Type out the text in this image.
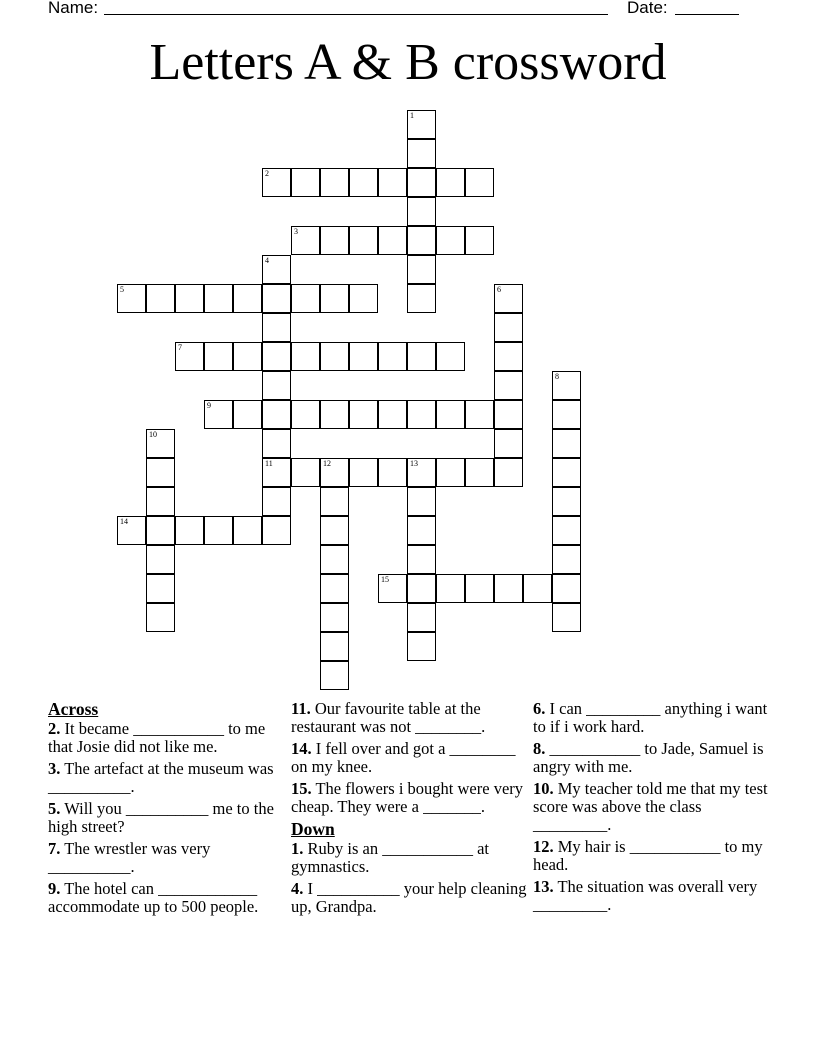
Name:	Date:
Letters A & B crossword
1
2
3
4
11
5	6
7
8
9
10
12	13
14
15
Across
2. It became ___________ to me that Josie did not like me.
3. The artefact at the museum was __________.
5. Will you __________ me to the high street?
7. The wrestler was very __________.
9. The hotel can ____________ accommodate up to 500 people.
11. Our favourite table at the restaurant was not ________.
14. I fell over and got a ________ on my knee.
15. The flowers i bought were very cheap. They were a _______.
Down
1. Ruby is an ___________ at gymnastics.
4. I __________ your help cleaning up, Grandpa.
6. I can _________ anything i want to if i work hard.
8. ___________ to Jade, Samuel is angry with me.
10. My teacher told me that my test score was above the class _________.
12. My hair is ___________ to my head.
13. The situation was overall very _________.
